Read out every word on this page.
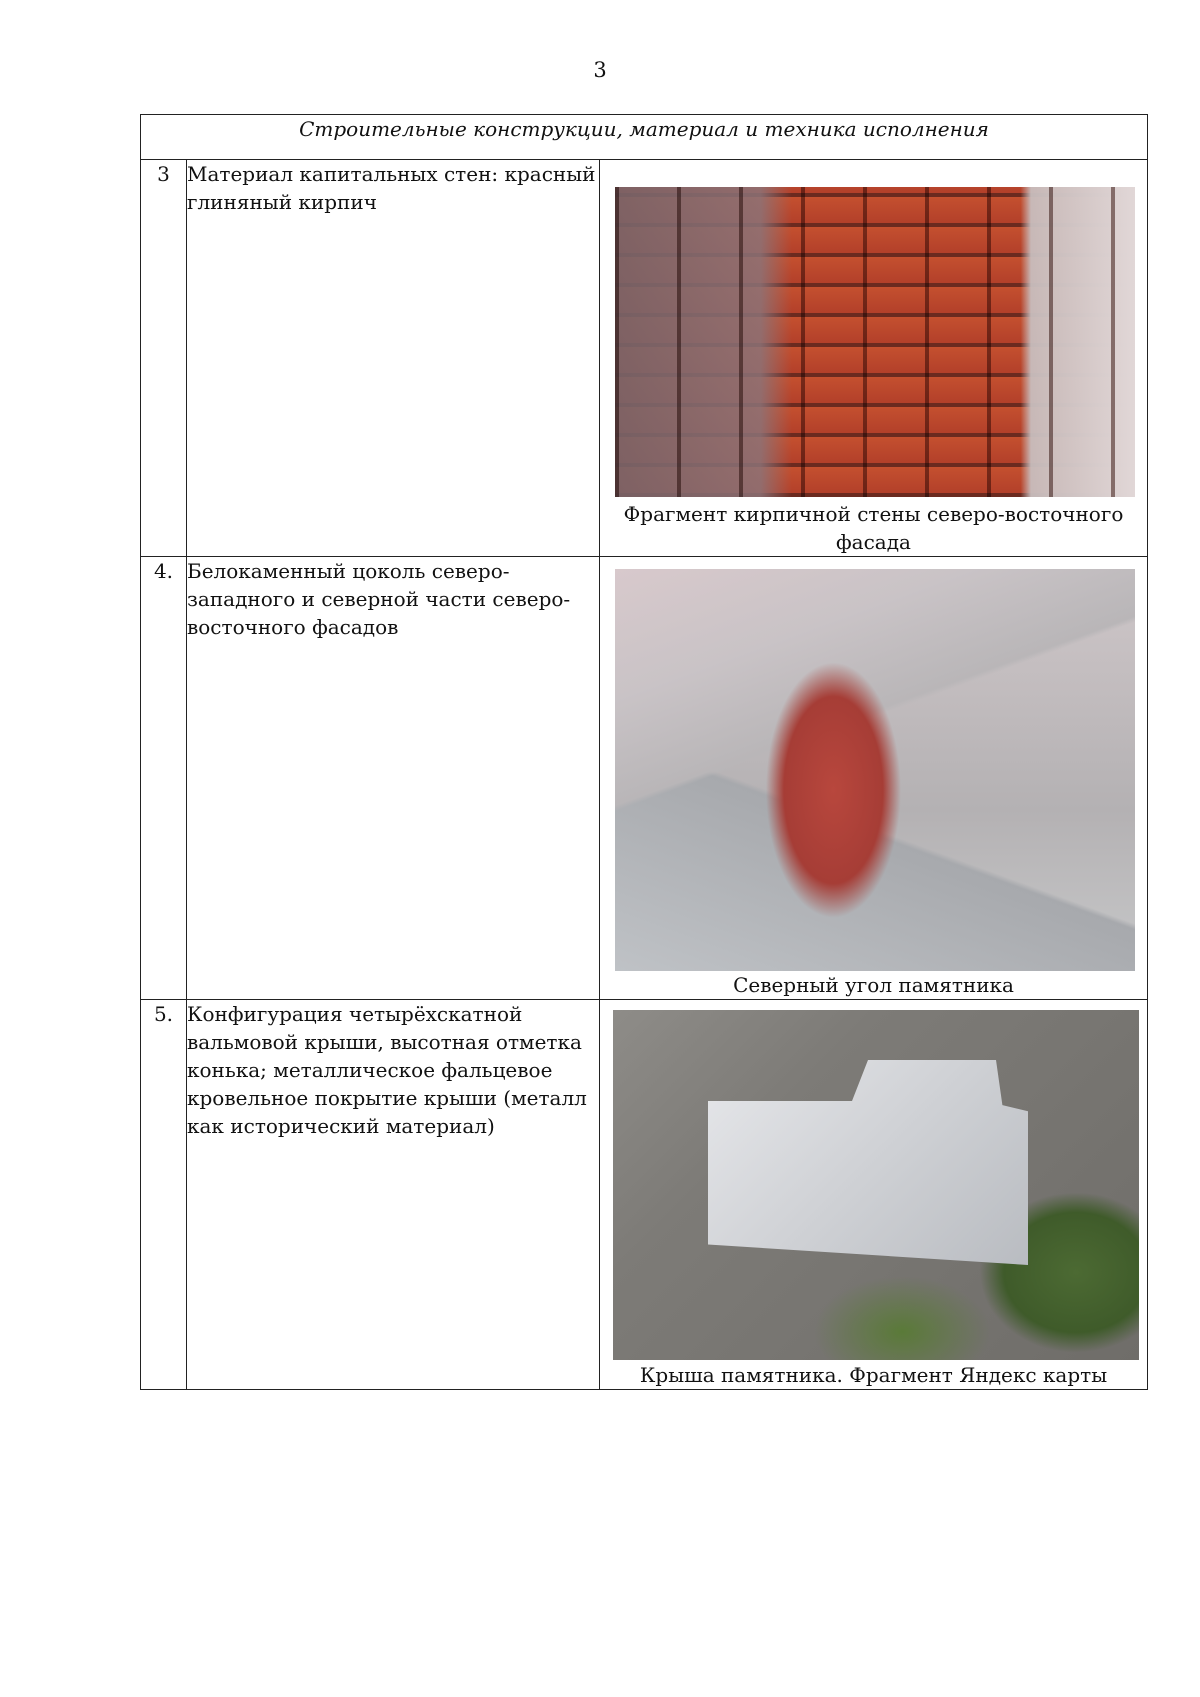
3
Строительные конструкции, материал и техника исполнения		
3	Материал капитальных стен: красный глиняный кирпич	Фрагмент кирпичной стены северо-восточного фасада

4.	Белокаменный цоколь северо-западного и северной части северо-восточного фасадов	Северный угол памятника

5.	Конфигурация четырёхскатной вальмовой крыши, высотная отметка конька; металлическое фальцевое кровельное покрытие крыши (металл как исторический материал)	Крыша памятника. Фрагмент Яндекс карты
